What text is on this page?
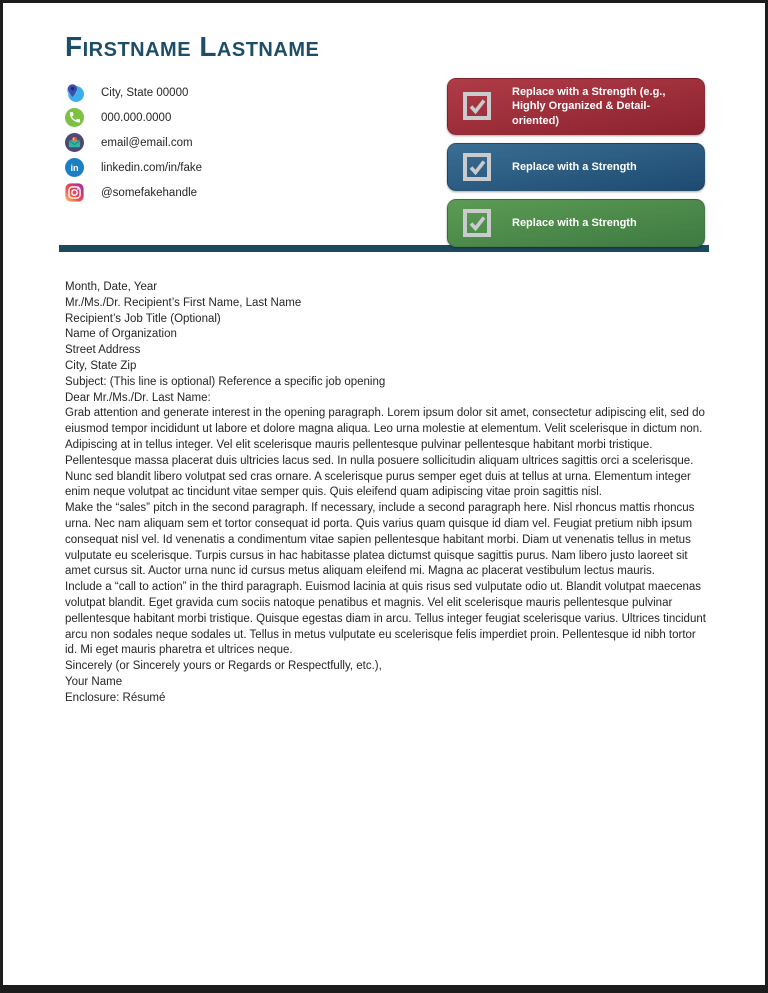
Firstname Lastname
City, State 00000
000.000.0000
email@email.com
in linkedin.com/in/fake
@somefakehandle
Replace with a Strength (e.g., Highly Organized & Detail-oriented)
Replace with a Strength
Replace with a Strength

Month, Date, Year

Mr./Ms./Dr. Recipient’s First Name, Last Name

Recipient’s Job Title (Optional)

Name of Organization

Street Address

City, State Zip

Subject: (This line is optional) Reference a specific job opening

Dear Mr./Ms./Dr. Last Name:

Grab attention and generate interest in the opening paragraph. Lorem ipsum dolor sit amet, consectetur adipiscing elit, sed do eiusmod tempor incididunt ut labore et dolore magna aliqua. Leo urna molestie at elementum. Velit scelerisque in dictum non. Adipiscing at in tellus integer. Vel elit scelerisque mauris pellentesque pulvinar pellentesque habitant morbi tristique. Pellentesque massa placerat duis ultricies lacus sed. In nulla posuere sollicitudin aliquam ultrices sagittis orci a scelerisque. Nunc sed blandit libero volutpat sed cras ornare. A scelerisque purus semper eget duis at tellus at urna. Elementum integer enim neque volutpat ac tincidunt vitae semper quis. Quis eleifend quam adipiscing vitae proin sagittis nisl.

Make the “sales” pitch in the second paragraph. If necessary, include a second paragraph here. Nisl rhoncus mattis rhoncus urna. Nec nam aliquam sem et tortor consequat id porta. Quis varius quam quisque id diam vel. Feugiat pretium nibh ipsum consequat nisl vel. Id venenatis a condimentum vitae sapien pellentesque habitant morbi. Diam ut venenatis tellus in metus vulputate eu scelerisque. Turpis cursus in hac habitasse platea dictumst quisque sagittis purus. Nam libero justo laoreet sit amet cursus sit. Auctor urna nunc id cursus metus aliquam eleifend mi. Magna ac placerat vestibulum lectus mauris.

Include a “call to action” in the third paragraph. Euismod lacinia at quis risus sed vulputate odio ut. Blandit volutpat maecenas volutpat blandit. Eget gravida cum sociis natoque penatibus et magnis. Vel elit scelerisque mauris pellentesque pulvinar pellentesque habitant morbi tristique. Quisque egestas diam in arcu. Tellus integer feugiat scelerisque varius. Ultrices tincidunt arcu non sodales neque sodales ut. Tellus in metus vulputate eu scelerisque felis imperdiet proin. Pellentesque id nibh tortor id. Mi eget mauris pharetra et ultrices neque.

Sincerely (or Sincerely yours or Regards or Respectfully, etc.),

Your Name

Enclosure: Résumé
